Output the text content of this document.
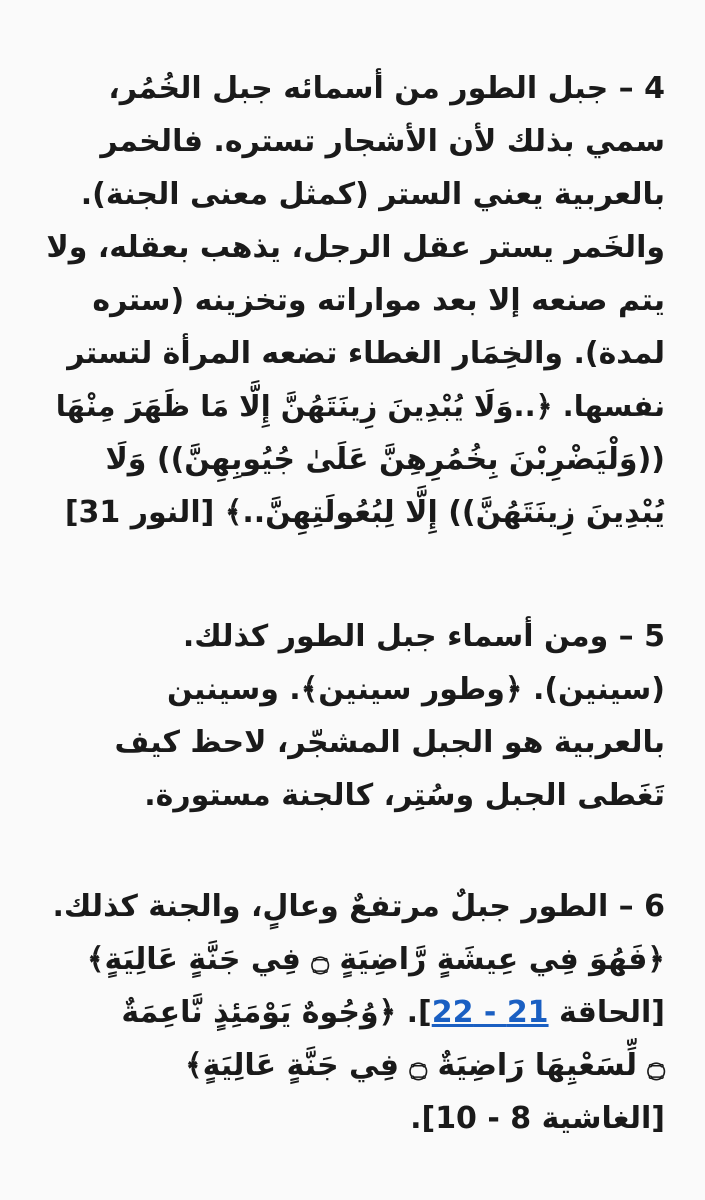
4 – جبل الطور من أسمائه جبل الخُمُر،
سمي بذلك لأن الأشجار تستره. فالخمر
بالعربية يعني الستر (كمثل معنى الجنة).
والخَمر يستر عقل الرجل، يذهب بعقله، ولا
يتم صنعه إلا بعد مواراته وتخزينه (ستره
لمدة). والخِمَار الغطاء تضعه المرأة لتستر
نفسها. ﴿..وَلَا يُبْدِينَ زِينَتَهُنَّ إِلَّا مَا ظَهَرَ مِنْهَا
((وَلْيَضْرِبْنَ بِخُمُرِهِنَّ عَلَىٰ جُيُوبِهِنَّ)) وَلَا
يُبْدِينَ زِينَتَهُنَّ)) إِلَّا لِبُعُولَتِهِنَّ..﴾ [النور 31]
5 – ومن أسماء جبل الطور كذلك.
(سينين). ﴿وطور سينين﴾. وسينين
بالعربية هو الجبل المشجّر، لاحظ كيف
تَغَطى الجبل وسُتِر، كالجنة مستورة.
6 – الطور جبلٌ مرتفعٌ وعالٍ، والجنة كذلك.
﴿فَهُوَ فِي عِيشَةٍ رَّاضِيَةٍ ۝ فِي جَنَّةٍ عَالِيَةٍ﴾
[الحاقة 21 - 22]. ﴿وُجُوهٌ يَوْمَئِذٍ نَّاعِمَةٌ
۝ لِّسَعْيِهَا رَاضِيَةٌ ۝ فِي جَنَّةٍ عَالِيَةٍ﴾
[الغاشية 8 - 10].
